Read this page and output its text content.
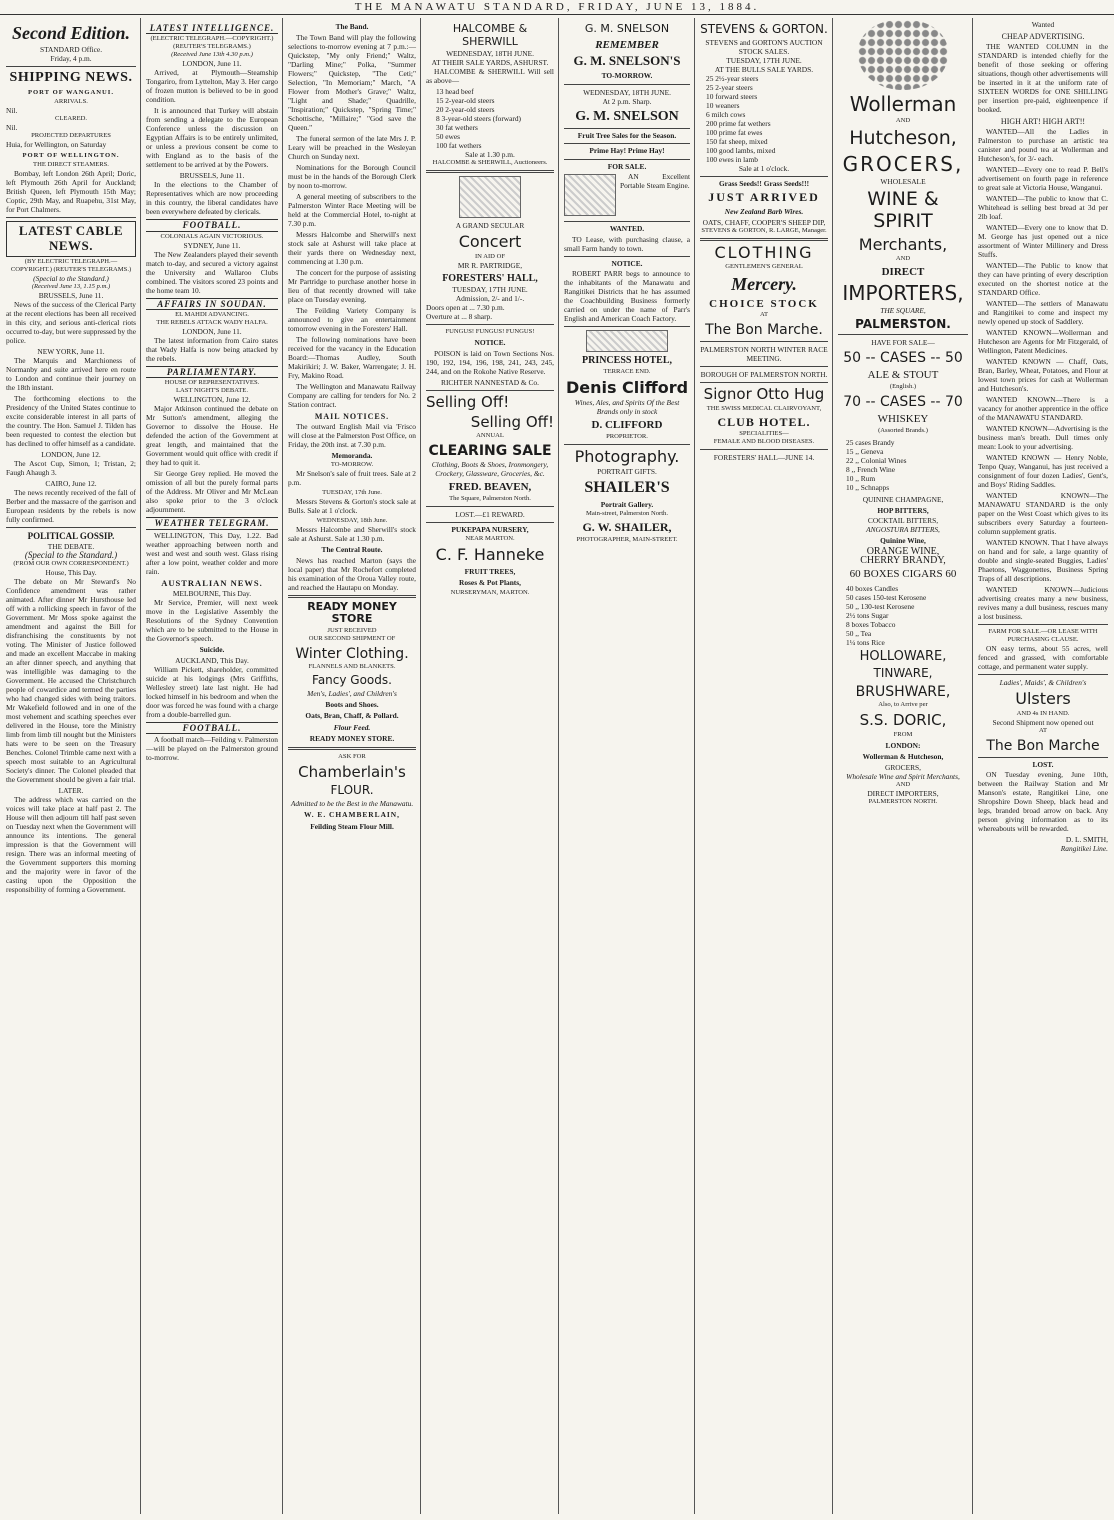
THE MANAWATU STANDARD, FRIDAY, JUNE 13, 1884.
Second Edition.
STANDARD Office.
Friday, 4 p.m.
SHIPPING NEWS.
PORT OF WANGANUI.
ARRIVALS.
Nil.
CLEARED.
Nil.
PROJECTED DEPARTURES
Huia, for Wellington, on Saturday
PORT OF WELLINGTON.
THE DIRECT STEAMERS.

Bombay, left London 26th April; Doric, left Plymouth 26th April for Auckland; British Queen, left Plymouth 15th May; Coptic, 29th May, and Ruapehu, 31st May, for Port Chalmers.

LATEST CABLE NEWS.
(BY ELECTRIC TELEGRAPH.—COPYRIGHT.) (REUTER'S TELEGRAMS.)
(Special to the Standard.)
(Received June 13, 1.15 p.m.)
BRUSSELS, June 11.

News of the success of the Clerical Party at the recent elections has been all received in this city, and serious anti-clerical riots occurred to-day, but were suppressed by the police.

NEW YORK, June 11.

The Marquis and Marchioness of Normanby and suite arrived here en route to London and continue their journey on the 18th instant.

The forthcoming elections to the Presidency of the United States continue to excite considerable interest in all parts of the country. The Hon. Samuel J. Tilden has been requested to contest the election but has declined to offer himself as a candidate.

LONDON, June 12.

The Ascot Cup, Simon, 1; Tristan, 2; Faugh Ahaugh 3.

CAIRO, June 12.

The news recently received of the fall of Berber and the massacre of the garrison and European residents by the rebels is now fully confirmed.

POLITICAL GOSSIP.
THE DEBATE.
(Special to the Standard.)
(FROM OUR OWN CORRESPONDENT.)
House, This Day.

The debate on Mr Steward's No Confidence amendment was rather animated. After dinner Mr Hursthouse led off with a rollicking speech in favor of the Government. Mr Moss spoke against the amendment and against the Bill for disfranchising the constituents by not voting. The Minister of Justice followed and made an excellent Maccabe in making an after dinner speech, and anything that was intelligible was damaging to the Government. He accused the Christchurch people of cowardice and termed the parties who had changed sides with being traitors. Mr Wakefield followed and in one of the most vehement and scathing speeches ever delivered in the House, tore the Ministry limb from limb till nought but the Ministers hats were to be seen on the Treasury Benches. Colonel Trimble came next with a speech most suitable to an Agricultural Society's dinner. The Colonel pleaded that the Government should be given a fair trial.

LATER.

The address which was carried on the voices will take place at half past 2. The House will then adjourn till half past seven on Tuesday next when the Government will announce its intentions. The general impression is that the Government will resign. There was an informal meeting of the Government supporters this morning and the majority were in favor of the casting upon the Opposition the responsibility of forming a Government.

LATEST INTELLIGENCE.
(ELECTRIC TELEGRAPH.—COPYRIGHT.) (REUTER'S TELEGRAMS.)
(Received June 13th 4.30 p.m.)
LONDON, June 11.

Arrived, at Plymouth—Steamship Tongariro, from Lyttelton, May 3. Her cargo of frozen mutton is believed to be in good condition.

It is announced that Turkey will abstain from sending a delegate to the European Conference unless the discussion on Egyptian Affairs is to be entirely unlimited, or unless a previous consent be come to with England as to the basis of the settlement to be arrived at by the Powers.

BRUSSELS, June 11.

In the elections to the Chamber of Representatives which are now proceeding in this country, the liberal candidates have been everywhere defeated by clericals.

FOOTBALL.
COLONIALS AGAIN VICTORIOUS.
SYDNEY, June 11.

The New Zealanders played their seventh match to-day, and secured a victory against the University and Wallaroo Clubs combined. The visitors scored 23 points and the home team 10.

AFFAIRS IN SOUDAN.
EL MAHDI ADVANCING.
THE REBELS ATTACK WADY HALFA.
LONDON, June 11.

The latest information from Cairo states that Wady Halfa is now being attacked by the rebels.

PARLIAMENTARY.
HOUSE OF REPRESENTATIVES.
LAST NIGHT'S DEBATE.
WELLINGTON, June 12.

Major Atkinson continued the debate on Mr Sutton's amendment, alleging the Governor to dissolve the House. He defended the action of the Government at great length, and maintained that the Government would quit office with credit if they had to quit it.

Sir George Grey replied. He moved the omission of all but the purely formal parts of the Address. Mr Oliver and Mr McLean also spoke prior to the 3 o'clock adjournment.

WEATHER TELEGRAM.

WELLINGTON, This Day, 1.22. Bad weather approaching between north and west and west and south west. Glass rising after a low point, weather colder and more rain.

AUSTRALIAN NEWS.
MELBOURNE, This Day.

Mr Service, Premier, will next week move in the Legislative Assembly the Resolutions of the Sydney Convention which are to be submitted to the House in the Governor's speech.

Suicide.
AUCKLAND, This Day.

William Pickett, shareholder, committed suicide at his lodgings (Mrs Griffiths, Wellesley street) late last night. He had locked himself in his bedroom and when the door was forced he was found with a charge from a double-barrelled gun.

FOOTBALL.

A football match—Feilding v. Palmerston—will be played on the Palmerston ground to-morrow.

The Band.

The Town Band will play the following selections to-morrow evening at 7 p.m.:—Quickstep, "My only Friend;" Waltz, "Darling Mine;" Polka, "Summer Flowers;" Quickstep, "The Ceti;" Selection, "In Memoriam;" March, "A Flower from Mother's Grave;" Waltz, "Light and Shade;" Quadrille, "Inspiration;" Quickstep, "Spring Time;" Schottische, "Millaire;" "God save the Queen."

The funeral sermon of the late Mrs J. P. Leary will be preached in the Wesleyan Church on Sunday next.

Nominations for the Borough Council must be in the hands of the Borough Clerk by noon to-morrow.

A general meeting of subscribers to the Palmerston Winter Race Meeting will be held at the Commercial Hotel, to-night at 7.30 p.m.

Messrs Halcombe and Sherwill's next stock sale at Ashurst will take place at their yards there on Wednesday next, commencing at 1.30 p.m.

The concert for the purpose of assisting Mr Partridge to purchase another horse in lieu of that recently drowned will take place on Tuesday evening.

The Feilding Variety Company is announced to give an entertainment tomorrow evening in the Foresters' Hall.

The following nominations have been received for the vacancy in the Education Board:—Thomas Audley, South Makirikiri; J. W. Baker, Warrengate; J. H. Fry, Makino Road.

The Wellington and Manawatu Railway Company are calling for tenders for No. 2 Station contract.

MAIL NOTICES.

The outward English Mail via 'Frisco will close at the Palmerston Post Office, on Friday, the 20th inst. at 7.30 p.m.

Memoranda.
TO-MORROW.

Mr Snelson's sale of fruit trees. Sale at 2 p.m.

TUESDAY, 17th June.

Messrs Stevens & Gorton's stock sale at Bulls. Sale at 1 o'clock.

WEDNESDAY, 18th June.

Messrs Halcombe and Sherwill's stock sale at Ashurst. Sale at 1.30 p.m.

The Central Route.

News has reached Marton (says the local paper) that Mr Rochefort completed his examination of the Oroua Valley route, and reached the Hautapu on Monday.

READY MONEY STORE
JUST RECEIVED
OUR SECOND SHIPMENT OF
Winter Clothing.
FLANNELS AND BLANKETS.
Fancy Goods.
Men's, Ladies', and Children's
Boots and Shoes.
Oats, Bran, Chaff, & Pollard.
Flour Feed.
READY MONEY STORE.
ASK FOR
Chamberlain's
FLOUR.
Admitted to be the Best in the Manawatu.
W. E. CHAMBERLAIN,
Feilding Steam Flour Mill.
HALCOMBE & SHERWILL
WEDNESDAY, 18TH JUNE.
AT THEIR SALE YARDS, ASHURST.

HALCOMBE & SHERWILL Will sell as above—

13 head beef
15 2-year-old steers
20 2-year-old steers
8 3-year-old steers (forward)
30 fat wethers
50 ewes
100 fat wethers
Sale at 1.30 p.m.
HALCOMBE & SHERWILL, Auctioneers.
A GRAND SECULAR
Concert
IN AID OF
MR R. PARTRIDGE,
FORESTERS' HALL,
TUESDAY, 17TH JUNE.
Admission, 2/- and 1/-.
Doors open at ... 7.30 p.m.
Overture at ... 8 sharp.
FUNGUS! FUNGUS! FUNGUS!
NOTICE.

POISON is laid on Town Sections Nos. 190, 192, 194, 196, 198, 241, 243, 245, 244, and on the Rokohe Native Reserve.

RICHTER NANNESTAD & Co.
Selling Off!
Selling Off!
ANNUAL
CLEARING SALE
Clothing, Boots & Shoes, Ironmongery, Crockery, Glassware, Groceries, &c.
FRED. BEAVEN,
The Square, Palmerston North.
LOST.—£1 REWARD.
PUKEPAPA NURSERY,
NEAR MARTON.
C. F. Hanneke
FRUIT TREES,
Roses & Pot Plants,
NURSERYMAN, MARTON.
G. M. SNELSON
REMEMBER
G. M. SNELSON'S
TO-MORROW.
WEDNESDAY, 18TH JUNE.
At 2 p.m. Sharp.
G. M. SNELSON
Fruit Tree Sales for the Season.
Prime Hay! Prime Hay!
FOR SALE.

AN Excellent Portable Steam Engine.

WANTED.

TO Lease, with purchasing clause, a small Farm handy to town.

NOTICE.

ROBERT PARR begs to announce to the inhabitants of the Manawatu and Rangitikei Districts that he has assumed the Coachbuilding Business formerly carried on under the name of Parr's English and American Coach Factory.

PRINCESS HOTEL,
TERRACE END.
Denis Clifford
Wines, Ales, and Spirits Of the Best Brands only in stock
D. CLIFFORD
PROPRIETOR.
Photography.
PORTRAIT GIFTS.
SHAILER'S
Portrait Gallery.
Main-street, Palmerston North.
G. W. SHAILER,
PHOTOGRAPHER, MAIN-STREET.
STEVENS & GORTON.
STEVENS and GORTON'S AUCTION STOCK SALES.
TUESDAY, 17TH JUNE.
AT THE BULLS SALE YARDS.
25 2½-year steers
25 2-year steers
10 forward steers
10 weaners
6 milch cows
200 prime fat wethers
100 prime fat ewes
150 fat sheep, mixed
100 good lambs, mixed
100 ewes in lamb
Sale at 1 o'clock.
Grass Seeds!! Grass Seeds!!!
JUST ARRIVED
New Zealand Barb Wires.
OATS, CHAFF, COOPER'S SHEEP DIP,
STEVENS & GORTON, R. LARGE, Manager.
CLOTHING
GENTLEMEN'S GENERAL
Mercery.
CHOICE STOCK
AT
The Bon Marche.
PALMERSTON NORTH WINTER RACE MEETING.
BOROUGH OF PALMERSTON NORTH.
Signor Otto Hug
THE SWISS MEDICAL CLAIRVOYANT,
CLUB HOTEL.
SPECIALITIES—
FEMALE AND BLOOD DISEASES.
FORESTERS' HALL—JUNE 14.
Wollerman
AND
Hutcheson,
GROCERS,
WHOLESALE
WINE & SPIRIT
Merchants,
AND
DIRECT
IMPORTERS,
THE SQUARE,
PALMERSTON.
HAVE FOR SALE—
50 -- CASES -- 50
ALE & STOUT
(English.)
70 -- CASES -- 70
WHISKEY
(Assorted Brands.)
25 cases Brandy
15 ,, Geneva
22 ,, Colonial Wines
8 ,, French Wine
10 ,, Rum
10 ,, Schnapps
QUININE CHAMPAGNE,
HOP BITTERS,
COCKTAIL BITTERS,
ANGOSTURA BITTERS,
Quinine Wine,
ORANGE WINE,
CHERRY BRANDY,
60 BOXES CIGARS 60
40 boxes Candles
50 cases 150-test Kerosene
50 ,, 130-test Kerosene
2½ tons Sugar
8 boxes Tobacco
50 ,, Tea
1¼ tons Rice
HOLLOWARE,
TINWARE,
BRUSHWARE,
Also, to Arrive per
S.S. DORIC,
FROM
LONDON:
Wollerman & Hutcheson,
GROCERS,
Wholesale Wine and Spirit Merchants,
AND
DIRECT IMPORTERS,
PALMERSTON NORTH.
Wanted
CHEAP ADVERTISING.

THE WANTED COLUMN in the STANDARD is intended chiefly for the benefit of those seeking or offering situations, though other advertisements will be inserted in it at the uniform rate of SIXTEEN WORDS for ONE SHILLING per insertion pre-paid, eighteenpence if booked.

HIGH ART! HIGH ART!!

WANTED—All the Ladies in Palmerston to purchase an artistic tea canister and pound tea at Wollerman and Hutcheson's, for 3/- each.

WANTED—Every one to read P. Bell's advertisement on fourth page in reference to great sale at Victoria House, Wanganui.

WANTED—The public to know that C. Whitehead is selling best bread at 3d per 2lb loaf.

WANTED—Every one to know that D. M. George has just opened out a nice assortment of Winter Millinery and Dress Stuffs.

WANTED—The Public to know that they can have printing of every description executed on the shortest notice at the STANDARD Office.

WANTED—The settlers of Manawatu and Rangitikei to come and inspect my newly opened up stock of Saddlery.

WANTED KNOWN—Wollerman and Hutcheson are Agents for Mr Fitzgerald, of Wellington, Patent Medicines.

WANTED KNOWN — Chaff, Oats, Bran, Barley, Wheat, Potatoes, and Flour at lowest town prices for cash at Wollerman and Hutcheson's.

WANTED KNOWN—There is a vacancy for another apprentice in the office of the MANAWATU STANDARD.

WANTED KNOWN—Advertising is the business man's breath. Dull times only mean: Look to your advertising.

WANTED KNOWN — Henry Noble, Tenpo Quay, Wanganui, has just received a consignment of four dozen Ladies', Gent's, and Boys' Riding Saddles.

WANTED KNOWN—The MANAWATU STANDARD is the only paper on the West Coast which gives to its subscribers every Saturday a fourteen-column supplement gratis.

WANTED KNOWN. That I have always on hand and for sale, a large quantity of double and single-seated Buggies, Ladies' Phaetons, Waggonettes, Business Spring Traps of all descriptions.

WANTED KNOWN—Judicious advertising creates many a new business, revives many a dull business, rescues many a lost business.

FARM FOR SALE.—OR LEASE WITH PURCHASING CLAUSE.

ON easy terms, about 55 acres, well fenced and grassed, with comfortable cottage, and permanent water supply.

Ladies', Maids', & Children's
Ulsters
AND 4s IN HAND.
Second Shipment now opened out
AT
The Bon Marche
LOST.

ON Tuesday evening, June 10th, between the Railway Station and Mr Manson's estate, Rangitikei Line, one Shropshire Down Sheep, black head and legs, branded broad arrow on back. Any person giving information as to its whereabouts will be rewarded.

D. L. SMITH,
Rangitikei Line.
